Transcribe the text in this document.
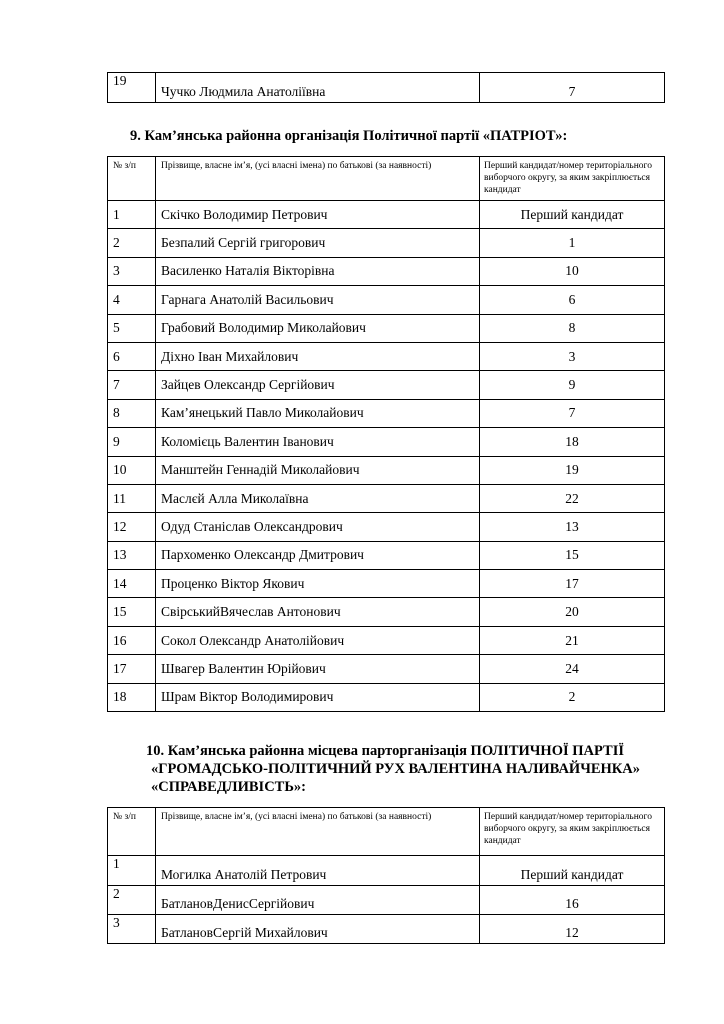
19	Чучко Людмила Анатоліївна	7
9. Кам’янська районна організація Політичної партії «ПАТРІОТ»:
№ з/п	Прізвище, власне ім’я, (усі власні імена) по батькові (за наявності)	Перший кандидат/номер територіального виборчого округу, за яким закріплюється кандидат
1	Скічко Володимир Петрович	Перший кандидат
2	Безпалий Сергій григорович	1
3	Василенко Наталія Вікторівна	10
4	Гарнага Анатолій Васильович	6
5	Грабовий Володимир Миколайович	8
6	Діхно Іван Михайлович	3
7	Зайцев Олександр Сергійович	9
8	Кам’янецький Павло Миколайович	7
9	Коломієць Валентин Іванович	18
10	Манштейн Геннадій Миколайович	19
11	Маслєй Алла Миколаївна	22
12	Одуд Станіслав Олександрович	13
13	Пархоменко Олександр Дмитрович	15
14	Проценко Віктор Якович	17
15	СвірськийВячеслав Антонович	20
16	Сокол Олександр Анатолійович	21
17	Швагер Валентин Юрійович	24
18	Шрам Віктор Володимирович	2
10. Кам’янська районна місцева парторганізація ПОЛІТИЧНОЇ ПАРТІЇ
«ГРОМАДСЬКО-ПОЛІТИЧНИЙ РУХ ВАЛЕНТИНА НАЛИВАЙЧЕНКА»
«СПРАВЕДЛИВІСТЬ»:
№ з/п	Прізвище, власне ім’я, (усі власні імена) по батькові (за наявності)	Перший кандидат/номер територіального виборчого округу, за яким закріплюється кандидат
1	Могилка Анатолій Петрович	Перший кандидат
2	БатлановДенисСергійович	16
3	БатлановСергій Михайлович	12
